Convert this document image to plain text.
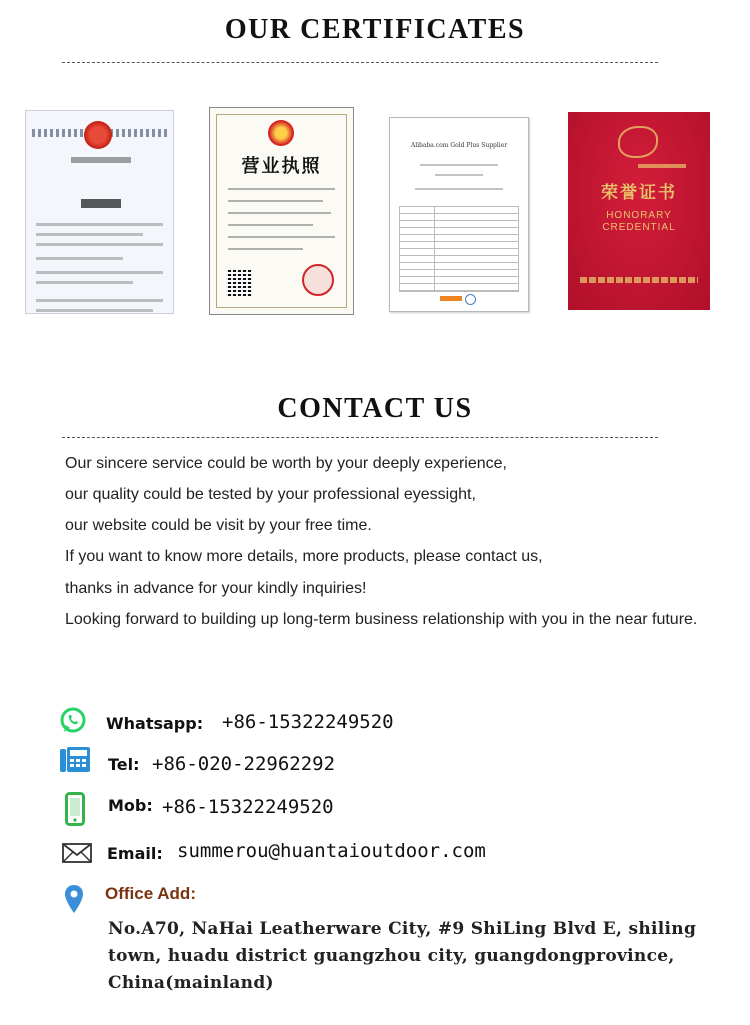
OUR CERTIFICATES
营业执照
Alibaba.com Gold Plus Supplier
荣誉证书
HONORARY
CREDENTIAL
CONTACT US
Our sincere service could be worth by your deeply experience,
our quality could be tested by your professional eyessight,
our website could be visit by your free time.
If you want to know more details, more products, please contact us,
thanks in advance for your kindly inquiries!
Looking forward to building up long-term business relationship with you in the near future.
Whatsapp: +86-15322249520
Tel: +86-020-22962292
Mob: +86-15322249520
Email: summerou@huantaioutdoor.com
Office Add:

No.A70, NaHai Leatherware City, #9 ShiLing Blvd E, shiling town, huadu district guangzhou city, guangdongprovince, China(mainland)
